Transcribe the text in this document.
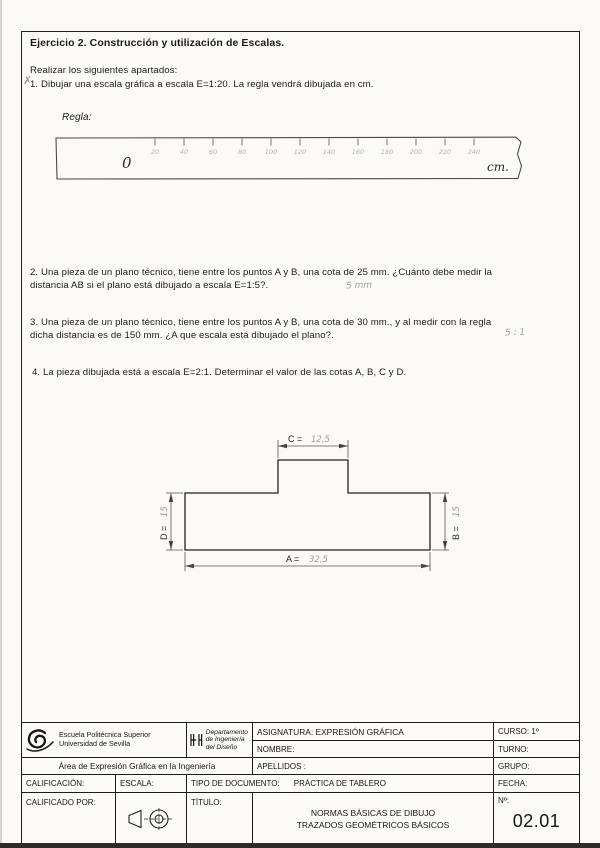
Ejercicio 2. Construcción y utilización de Escalas.
Realizar los siguientes apartados:
✗
1. Dibujar una escala gráfica a escala E=1:20. La regla vendrá dibujada en cm.
Regla:
0
20	40	60	80	100	120	140	160	180	200	220	240
cm.
2. Una pieza de un plano técnico, tiene entre los puntos A y B, una cota de 25 mm. ¿Cuánto debe medir la
distancia AB si el plano está dibujado a escala E=1:5?.	5 mm
3. Una pieza de un plano técnico, tiene entre los puntos A y B, una cota de 30 mm., y al medir con la regla
dicha distancia es de 150 mm. ¿A que escala está dibujado el plano?.	5 : 1
4. La pieza dibujada está a escala E=2:1. Determinar el valor de las cotas A, B, C y D.
C = 12,5
A = 32,5
D =
15
B =
15
Escuela Politécnica Superior
Universidad de Sevilla
Departamento
de Ingeniería
del Diseño
ASIGNATURA: EXPRESIÓN GRÁFICA	CURSO: 1º
NOMBRE:	TURNO:
Área de Expresión Gráfica en la Ingeniería	APELLIDOS :	GRUPO:
CALIFICACIÓN:	ESCALA:	TIPO DE DOCUMENTO: PRÁCTICA DE TABLERO	FECHA:
CALIFICADO POR:	TÍTULO:
NORMAS BÁSICAS DE DIBUJO
TRAZADOS GEOMÉTRICOS BÁSICOS
Nº:
02.01
